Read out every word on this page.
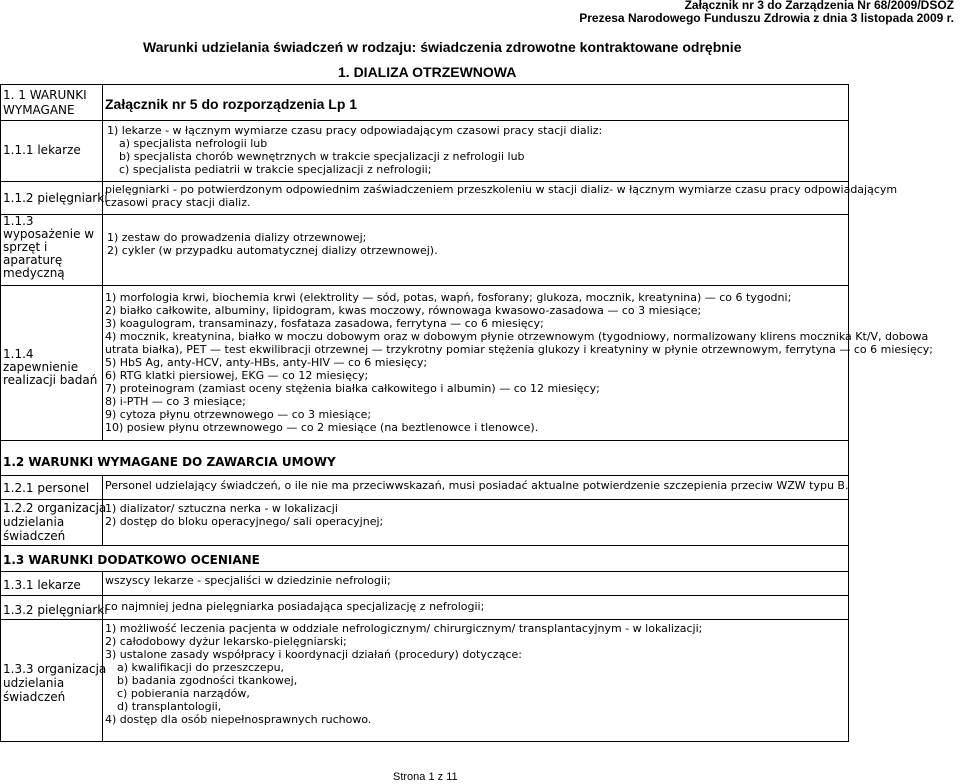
Załącznik nr 3 do Zarządzenia Nr 68/2009/DSOZ
Prezesa Narodowego Funduszu Zdrowia z dnia 3 listopada 2009 r.
Warunki udzielania świadczeń w rodzaju: świadczenia zdrowotne kontraktowane odrębnie
1. DIALIZA OTRZEWNOWA
1. 1 WARUNKI
WYMAGANE	Załącznik nr 5 do rozporządzenia Lp 1
1.1.1 lekarze
1) lekarze - w łącznym wymiarze czasu pracy odpowiadającym czasowi pracy stacji dializ:
a) specjalista nefrologii lub
b) specjalista chorób wewnętrznych w trakcie specjalizacji z nefrologii lub
c) specjalista pediatrii w trakcie specjalizacji z nefrologii;
1.1.2 pielęgniarki
pielęgniarki - po potwierdzonym odpowiednim zaświadczeniem przeszkoleniu w stacji dializ- w łącznym wymiarze czasu pracy odpowiadającym
czasowi pracy stacji dializ.
1.1.3
wyposażenie w
sprzęt i
aparaturę
medyczną
1) zestaw do prowadzenia dializy otrzewnowej;
2) cykler (w przypadku automatycznej dializy otrzewnowej).
1.1.4
zapewnienie
realizacji badań
1) morfologia krwi, biochemia krwi (elektrolity — sód, potas, wapń, fosforany; glukoza, mocznik, kreatynina) — co 6 tygodni;
2) białko całkowite, albuminy, lipidogram, kwas moczowy, równowaga kwasowo-zasadowa — co 3 miesiące;
3) koagulogram, transaminazy, fosfataza zasadowa, ferrytyna — co 6 miesięcy;
4) mocznik, kreatynina, białko w moczu dobowym oraz w dobowym płynie otrzewnowym (tygodniowy, normalizowany klirens mocznika Kt/V, dobowa
utrata białka), PET — test ekwilibracji otrzewnej — trzykrotny pomiar stężenia glukozy i kreatyniny w płynie otrzewnowym, ferrytyna — co 6 miesięcy;
5) HbS Ag, anty-HCV, anty-HBs, anty-HIV — co 6 miesięcy;
6) RTG klatki piersiowej, EKG — co 12 miesięcy;
7) proteinogram (zamiast oceny stężenia białka całkowitego i albumin) — co 12 miesięcy;
8) i-PTH — co 3 miesiące;
9) cytoza płynu otrzewnowego — co 3 miesiące;
10) posiew płynu otrzewnowego — co 2 miesiące (na beztlenowce i tlenowce).
1.2 WARUNKI WYMAGANE DO ZAWARCIA UMOWY
1.2.1 personel Personel udzielający świadczeń, o ile nie ma przeciwwskazań, musi posiadać aktualne potwierdzenie szczepienia przeciw WZW typu B.
1.2.2 organizacja
udzielania
świadczeń
1) dializator/ sztuczna nerka - w lokalizacji
2) dostęp do bloku operacyjnego/ sali operacyjnej;
1.3 WARUNKI DODATKOWO OCENIANE
1.3.1 lekarze wszyscy lekarze - specjaliści w dziedzinie nefrologii;
1.3.2 pielęgniarki
co najmniej jedna pielęgniarka posiadająca specjalizację z nefrologii;
1.3.3 organizacja
udzielania
świadczeń
1) możliwość leczenia pacjenta w oddziale nefrologicznym/ chirurgicznym/ transplantacyjnym - w lokalizacji;
2) całodobowy dyżur lekarsko-pielęgniarski;
3) ustalone zasady współpracy i koordynacji działań (procedury) dotyczące:
a) kwalifikacji do przeszczepu,
b) badania zgodności tkankowej,
c) pobierania narządów,
d) transplantologii,
4) dostęp dla osób niepełnosprawnych ruchowo.
Strona 1 z 11
